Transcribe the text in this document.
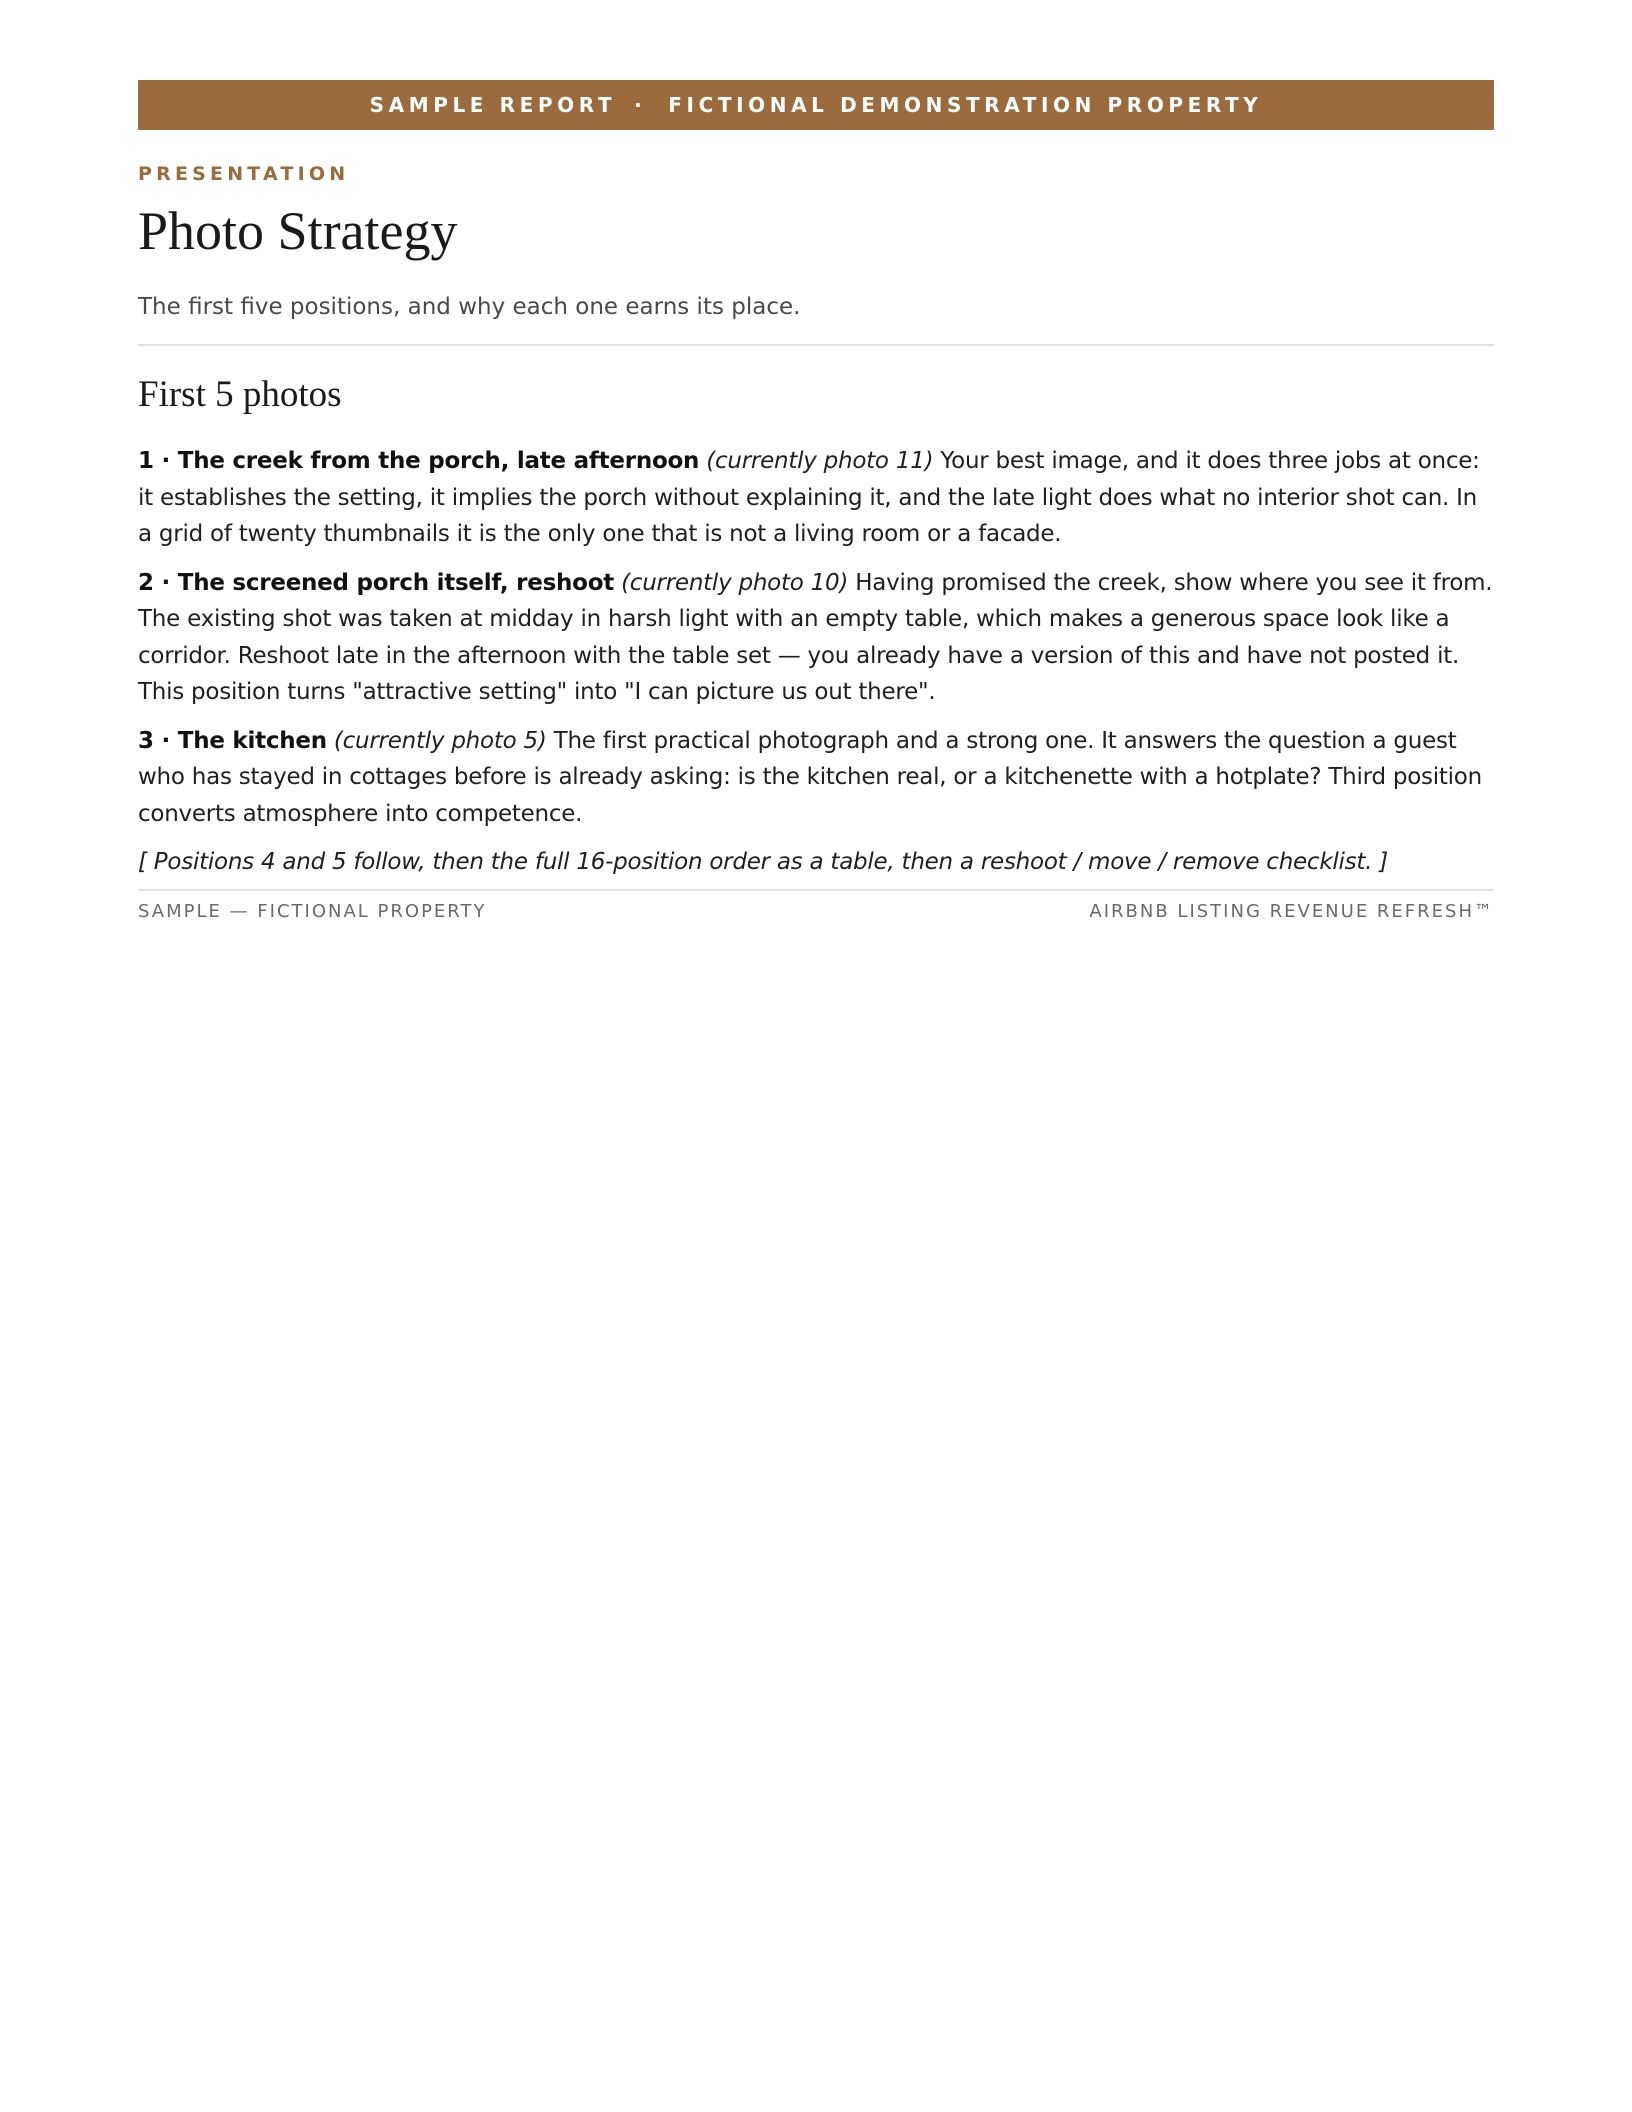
SAMPLE REPORT · FICTIONAL DEMONSTRATION PROPERTY
PRESENTATION
Photo Strategy
The first five positions, and why each one earns its place.
First 5 photos

1 · The creek from the porch, late afternoon (currently photo 11) Your best image, and it does three jobs at once: it establishes the setting, it implies the porch without explaining it, and the late light does what no interior shot can. In a grid of twenty thumbnails it is the only one that is not a living room or a facade.

2 · The screened porch itself, reshoot (currently photo 10) Having promised the creek, show where you see it from. The existing shot was taken at midday in harsh light with an empty table, which makes a generous space look like a corridor. Reshoot late in the afternoon with the table set — you already have a version of this and have not posted it. This position turns "attractive setting" into "I can picture us out there".

3 · The kitchen (currently photo 5) The first practical photograph and a strong one. It answers the question a guest who has stayed in cottages before is already asking: is the kitchen real, or a kitchenette with a hotplate? Third position converts atmosphere into competence.

[ Positions 4 and 5 follow, then the full 16-position order as a table, then a reshoot / move / remove checklist. ]

SAMPLE — FICTIONAL PROPERTY	AIRBNB LISTING REVENUE REFRESH™
